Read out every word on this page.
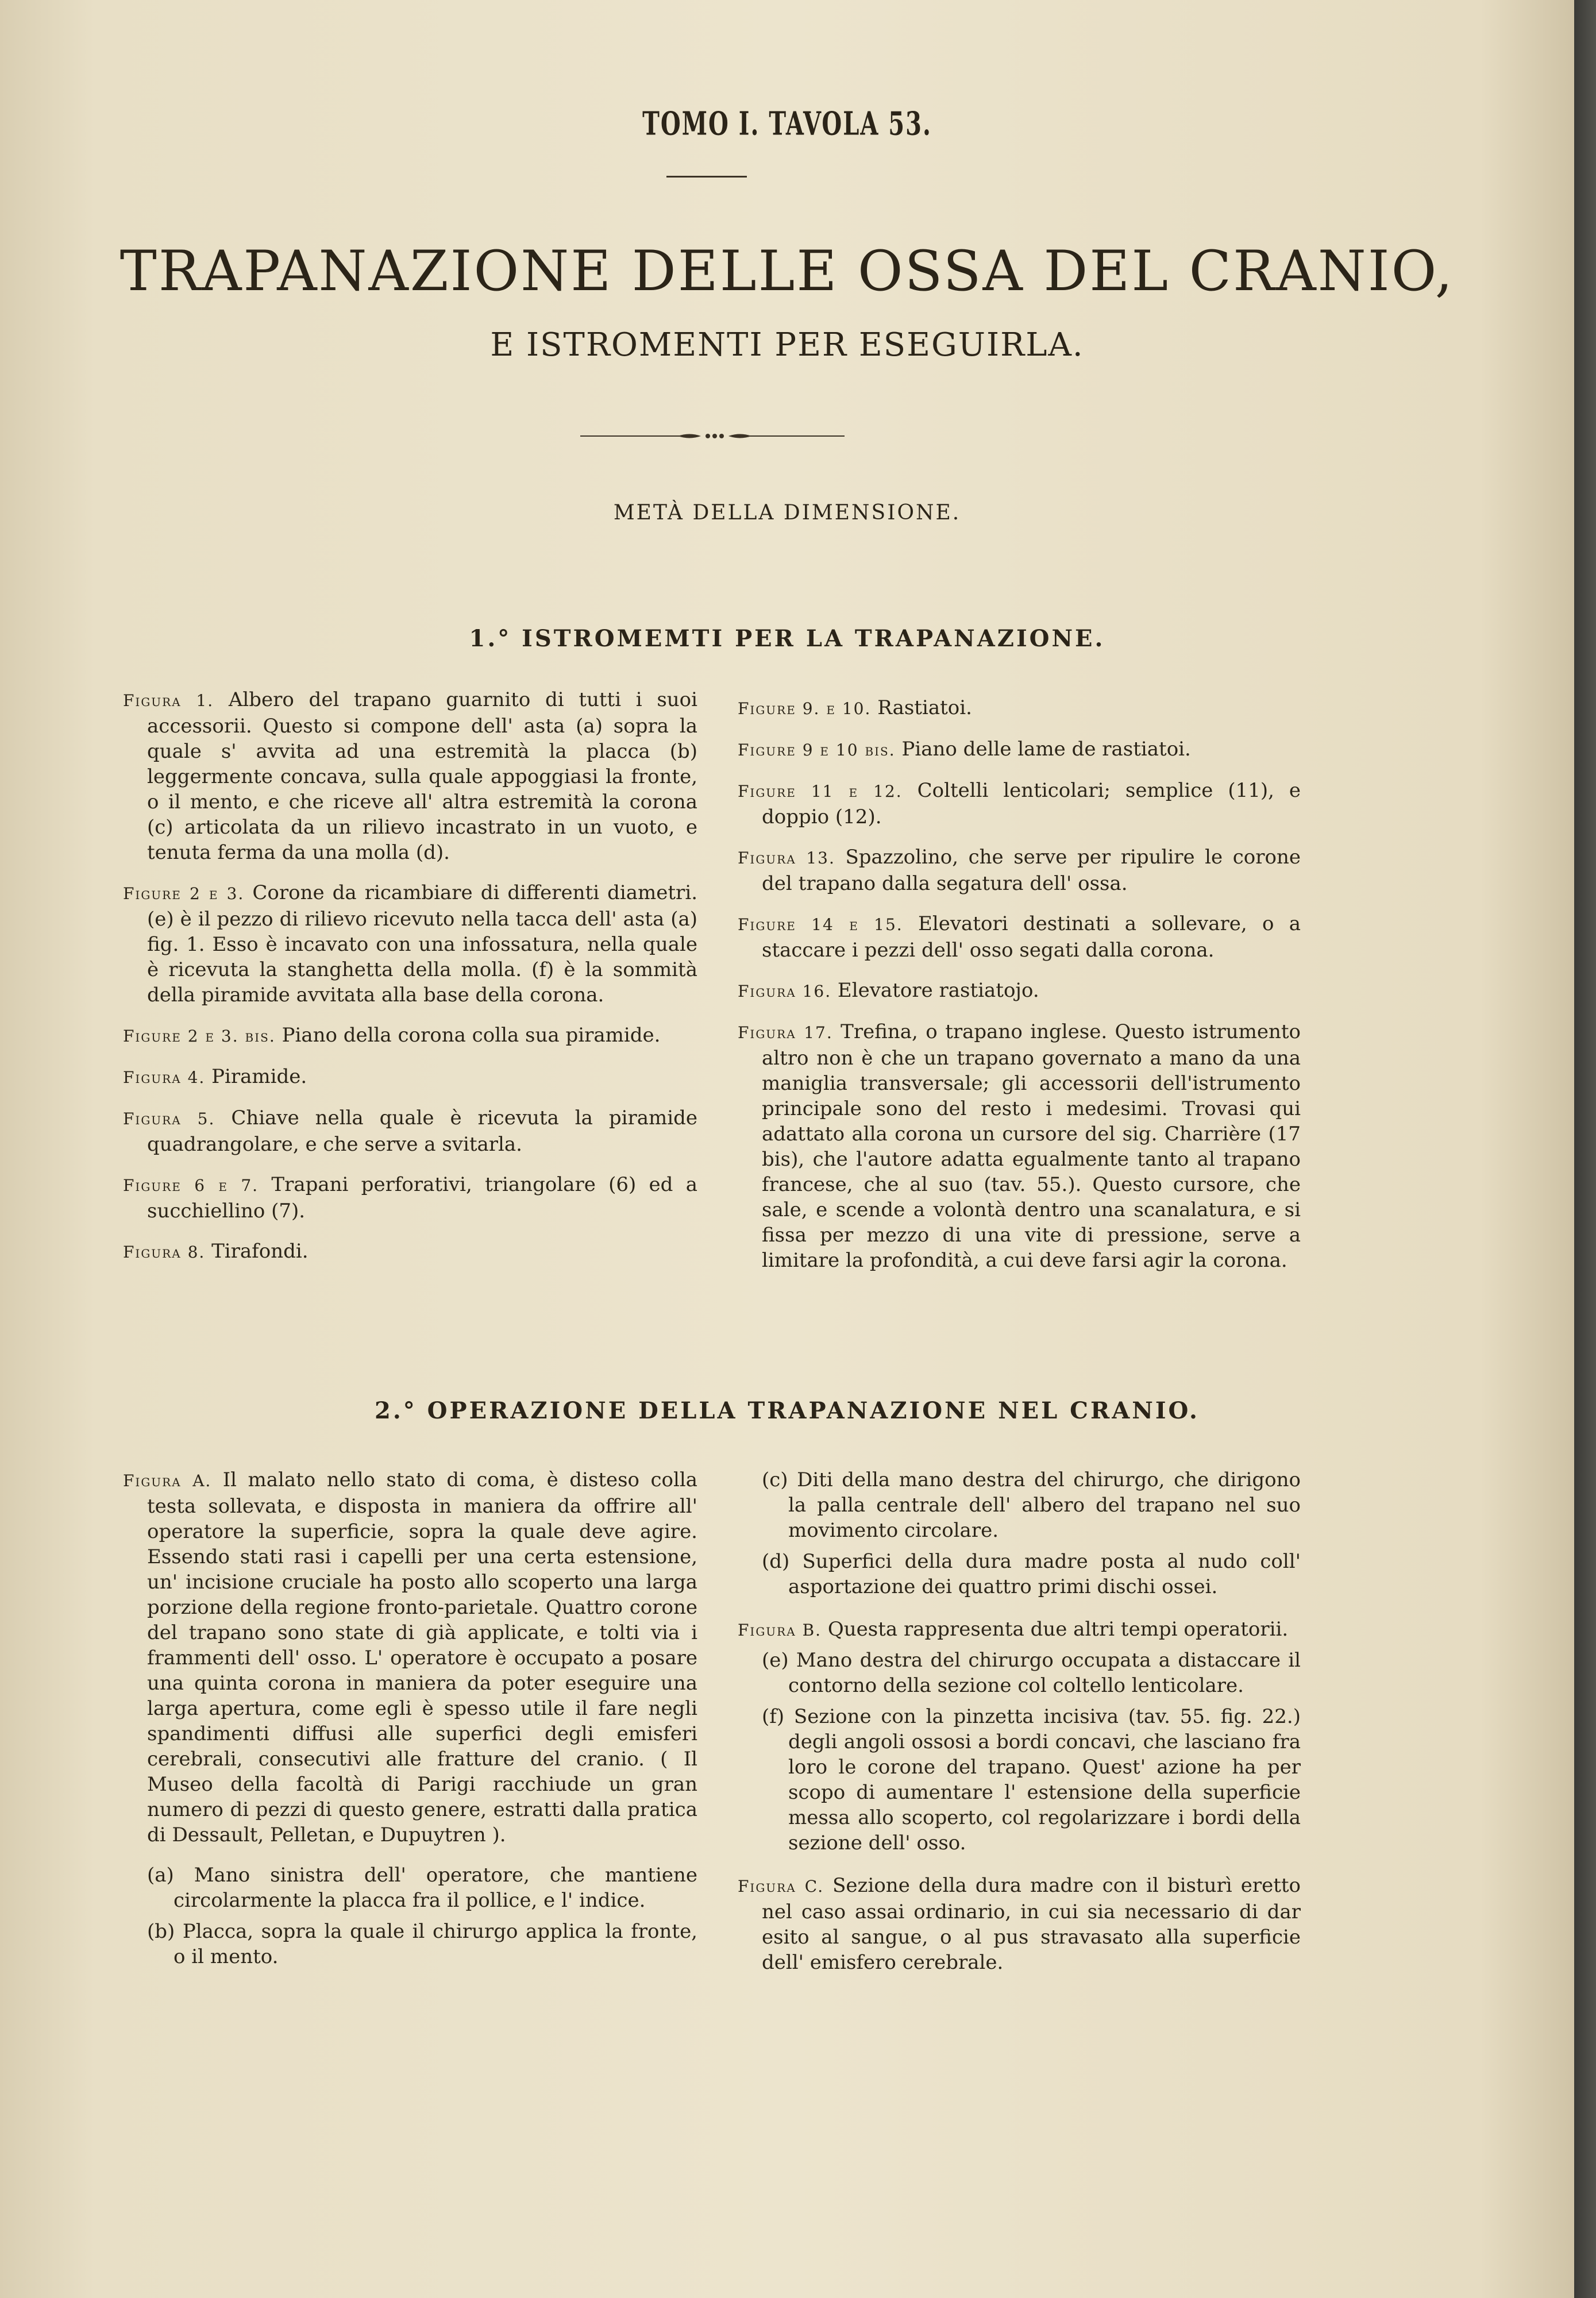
TOMO I. TAVOLA 53.
TRAPANAZIONE DELLE OSSA DEL CRANIO,
E ISTROMENTI PER ESEGUIRLA.
METÀ DELLA DIMENSIONE.
1.° ISTROMEMTI PER LA TRAPANAZIONE.

Figura 1. Albero del trapano guarnito di tutti i suoi accessorii. Questo si compone dell' asta (a) sopra la quale s' avvita ad una estremità la placca (b) leggermente concava, sulla quale appoggiasi la fronte, o il mento, e che riceve all' altra estremità la corona (c) articolata da un rilievo incastrato in un vuoto, e tenuta ferma da una molla (d).

Figure 2 e 3. Corone da ricambiare di differenti diametri. (e) è il pezzo di rilievo ricevuto nella tacca dell' asta (a) fig. 1. Esso è incavato con una infossatura, nella quale è ricevuta la stanghetta della molla. (f) è la sommità della piramide avvitata alla base della corona.

Figure 2 e 3. bis. Piano della corona colla sua piramide.

Figura 4. Piramide.

Figura 5. Chiave nella quale è ricevuta la piramide quadrangolare, e che serve a svitarla.

Figure 6 e 7. Trapani perforativi, triangolare (6) ed a succhiellino (7).

Figura 8. Tirafondi.

Figure 9. e 10. Rastiatoi.

Figure 9 e 10 bis. Piano delle lame de rastiatoi.

Figure 11 e 12. Coltelli lenticolari; semplice (11), e doppio (12).

Figura 13. Spazzolino, che serve per ripulire le corone del trapano dalla segatura dell' ossa.

Figure 14 e 15. Elevatori destinati a sollevare, o a staccare i pezzi dell' osso segati dalla corona.

Figura 16. Elevatore rastiatojo.

Figura 17. Trefina, o trapano inglese. Questo istrumento altro non è che un trapano governato a mano da una maniglia transversale; gli accessorii dell'istrumento principale sono del resto i medesimi. Trovasi qui adattato alla corona un cursore del sig. Charrière (17 bis), che l'autore adatta egualmente tanto al trapano francese, che al suo (tav. 55.). Questo cursore, che sale, e scende a volontà dentro una scanalatura, e si fissa per mezzo di una vite di pressione, serve a limitare la profondità, a cui deve farsi agir la corona.

2.° OPERAZIONE DELLA TRAPANAZIONE NEL CRANIO.

Figura A. Il malato nello stato di coma, è disteso colla testa sollevata, e disposta in maniera da offrire all' operatore la superficie, sopra la quale deve agire. Essendo stati rasi i capelli per una certa estensione, un' incisione cruciale ha posto allo scoperto una larga porzione della regione fronto-parietale. Quattro corone del trapano sono state di già applicate, e tolti via i frammenti dell' osso. L' operatore è occupato a posare una quinta corona in maniera da poter eseguire una larga apertura, come egli è spesso utile il fare negli spandimenti diffusi alle superfici degli emisferi cerebrali, consecutivi alle fratture del cranio. ( Il Museo della facoltà di Parigi racchiude un gran numero di pezzi di questo genere, estratti dalla pratica di Dessault, Pelletan, e Dupuytren ).

(a) Mano sinistra dell' operatore, che mantiene circolarmente la placca fra il pollice, e l' indice.

(b) Placca, sopra la quale il chirurgo applica la fronte, o il mento.

(c) Diti della mano destra del chirurgo, che dirigono la palla centrale dell' albero del trapano nel suo movimento circolare.

(d) Superfici della dura madre posta al nudo coll' asportazione dei quattro primi dischi ossei.

Figura B. Questa rappresenta due altri tempi operatorii.

(e) Mano destra del chirurgo occupata a distaccare il contorno della sezione col coltello lenticolare.

(f) Sezione con la pinzetta incisiva (tav. 55. fig. 22.) degli angoli ossosi a bordi concavi, che lasciano fra loro le corone del trapano. Quest' azione ha per scopo di aumentare l' estensione della superficie messa allo scoperto, col regolarizzare i bordi della sezione dell' osso.

Figura C. Sezione della dura madre con il bisturì eretto nel caso assai ordinario, in cui sia necessario di dar esito al sangue, o al pus stravasato alla superficie dell' emisfero cerebrale.
